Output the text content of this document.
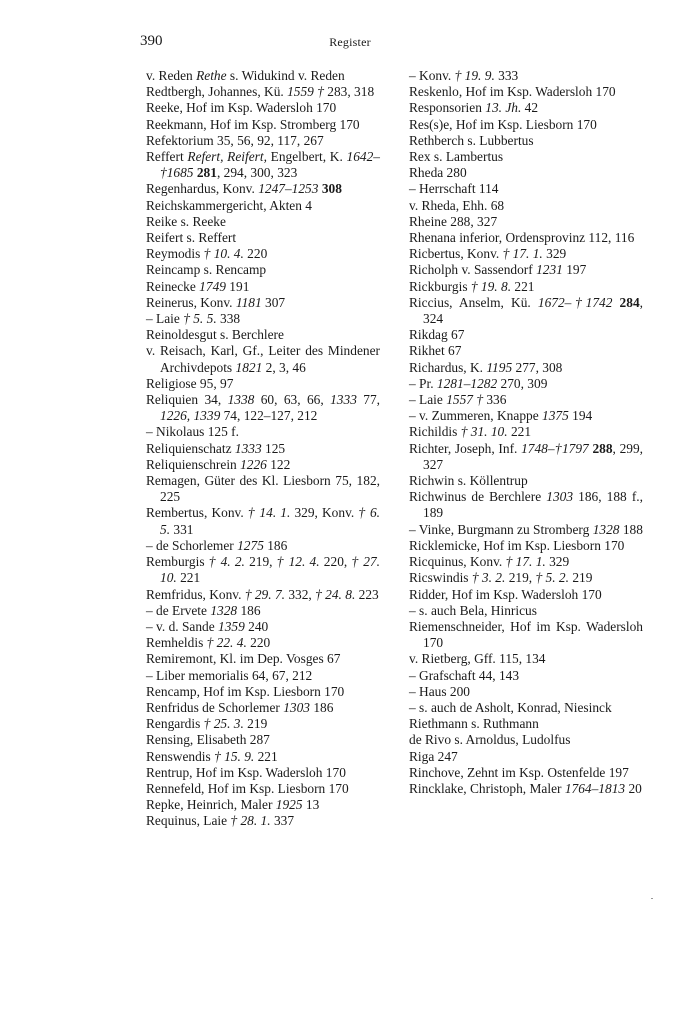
390	Register

v. Reden Rethe s. Widukind v. Reden

Redtbergh, Johannes, Kü. 1559 † 283, 318

Reeke, Hof im Ksp. Wadersloh 170

Reekmann, Hof im Ksp. Stromberg 170

Refektorium 35, 56, 92, 117, 267

Reffert Refert, Reifert, Engelbert, K. 1642–†1685 281, 294, 300, 323

Regenhardus, Konv. 1247–1253 308

Reichskammergericht, Akten 4

Reike s. Reeke

Reifert s. Reffert

Reymodis † 10. 4. 220

Reincamp s. Rencamp

Reinecke 1749 191

Reinerus, Konv. 1181 307

– Laie † 5. 5. 338

Reinoldesgut s. Berchlere

v. Reisach, Karl, Gf., Leiter des Mindener Archivdepots 1821 2, 3, 46

Religiose 95, 97

Reliquien 34, 1338 60, 63, 66, 1333 77, 1226, 1339 74, 122–127, 212

– Nikolaus 125 f.

Reliquienschatz 1333 125

Reliquienschrein 1226 122

Remagen, Güter des Kl. Liesborn 75, 182, 225

Rembertus, Konv. † 14. 1. 329, Konv. † 6. 5. 331

– de Schorlemer 1275 186

Remburgis † 4. 2. 219, † 12. 4. 220, † 27. 10. 221

Remfridus, Konv. † 29. 7. 332, † 24. 8. 223

– de Ervete 1328 186

– v. d. Sande 1359 240

Remheldis † 22. 4. 220

Remiremont, Kl. im Dep. Vosges 67

– Liber memorialis 64, 67, 212

Rencamp, Hof im Ksp. Liesborn 170

Renfridus de Schorlemer 1303 186

Rengardis † 25. 3. 219

Rensing, Elisabeth 287

Renswendis † 15. 9. 221

Rentrup, Hof im Ksp. Wadersloh 170

Rennefeld, Hof im Ksp. Liesborn 170

Repke, Heinrich, Maler 1925 13

Requinus, Laie † 28. 1. 337

– Konv. † 19. 9. 333

Reskenlo, Hof im Ksp. Wadersloh 170

Responsorien 13. Jh. 42

Res(s)e, Hof im Ksp. Liesborn 170

Rethberch s. Lubbertus

Rex s. Lambertus

Rheda 280

– Herrschaft 114

v. Rheda, Ehh. 68

Rheine 288, 327

Rhenana inferior, Ordensprovinz 112, 116

Ricbertus, Konv. † 17. 1. 329

Richolph v. Sassendorf 1231 197

Rickburgis † 19. 8. 221

Riccius, Anselm, Kü. 1672–†1742 284, 324

Rikdag 67

Rikhet 67

Richardus, K. 1195 277, 308

– Pr. 1281–1282 270, 309

– Laie 1557 † 336

– v. Zummeren, Knappe 1375 194

Richildis † 31. 10. 221

Richter, Joseph, Inf. 1748–†1797 288, 299, 327

Richwin s. Köllentrup

Richwinus de Berchlere 1303 186, 188 f., 189

– Vinke, Burgmann zu Stromberg 1328 188

Ricklemicke, Hof im Ksp. Liesborn 170

Ricquinus, Konv. † 17. 1. 329

Ricswindis † 3. 2. 219, † 5. 2. 219

Ridder, Hof im Ksp. Wadersloh 170

– s. auch Bela, Hinricus

Riemenschneider, Hof im Ksp. Wadersloh 170

v. Rietberg, Gff. 115, 134

– Grafschaft 44, 143

– Haus 200

– s. auch de Asholt, Konrad, Niesinck

Riethmann s. Ruthmann

de Rivo s. Arnoldus, Ludolfus

Riga 247

Rinchove, Zehnt im Ksp. Ostenfelde 197

Rincklake, Christoph, Maler 1764–1813 20
